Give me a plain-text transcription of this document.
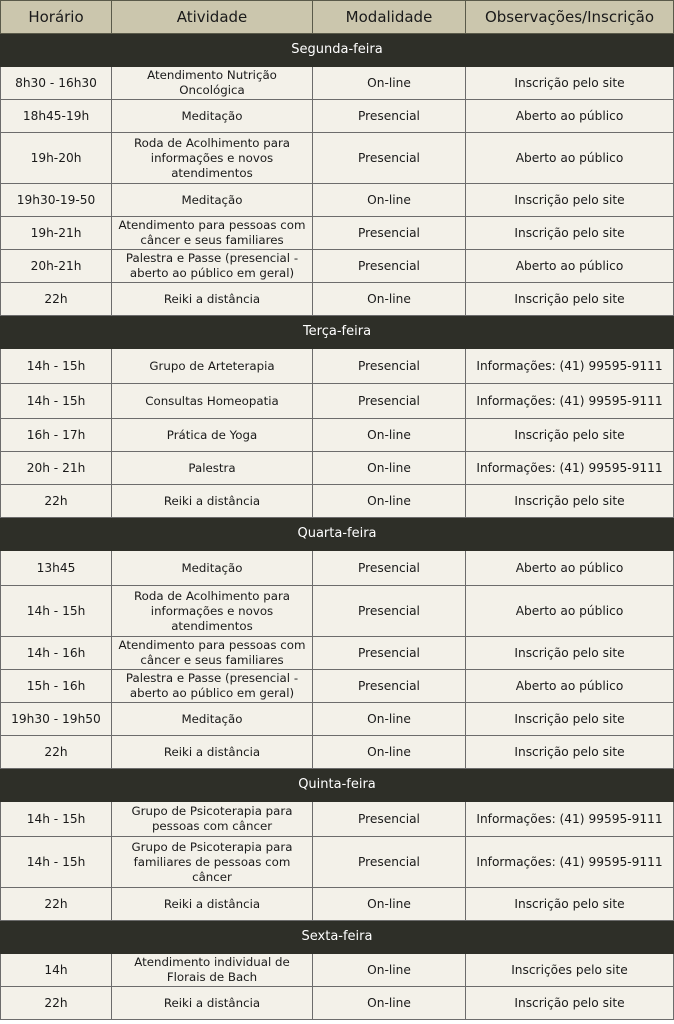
Horário	Atividade	Modalidade	Observações/Inscrição
Segunda-feira			
8h30 - 16h30	Atendimento Nutrição Oncológica	On-line	Inscrição pelo site
18h45-19h	Meditação	Presencial	Aberto ao público
19h-20h	Roda de Acolhimento para informações e novos atendimentos	Presencial	Aberto ao público
19h30-19-50	Meditação	On-line	Inscrição pelo site
19h-21h	Atendimento para pessoas com câncer e seus familiares	Presencial	Inscrição pelo site
20h-21h	Palestra e Passe (presencial - aberto ao público em geral)	Presencial	Aberto ao público
22h	Reiki a distância	On-line	Inscrição pelo site
Terça-feira			
14h - 15h	Grupo de Arteterapia	Presencial	Informações: (41) 99595-9111
14h - 15h	Consultas Homeopatia	Presencial	Informações: (41) 99595-9111
16h - 17h	Prática de Yoga	On-line	Inscrição pelo site
20h - 21h	Palestra	On-line	Informações: (41) 99595-9111
22h	Reiki a distância	On-line	Inscrição pelo site
Quarta-feira			
13h45	Meditação	Presencial	Aberto ao público
14h - 15h	Roda de Acolhimento para informações e novos atendimentos	Presencial	Aberto ao público
14h - 16h	Atendimento para pessoas com câncer e seus familiares	Presencial	Inscrição pelo site
15h - 16h	Palestra e Passe (presencial - aberto ao público em geral)	Presencial	Aberto ao público
19h30 - 19h50	Meditação	On-line	Inscrição pelo site
22h	Reiki a distância	On-line	Inscrição pelo site
Quinta-feira			
14h - 15h	Grupo de Psicoterapia para pessoas com câncer	Presencial	Informações: (41) 99595-9111
14h - 15h	Grupo de Psicoterapia para familiares de pessoas com câncer	Presencial	Informações: (41) 99595-9111
22h	Reiki a distância	On-line	Inscrição pelo site
Sexta-feira			
14h	Atendimento individual de Florais de Bach	On-line	Inscrições pelo site
22h	Reiki a distância	On-line	Inscrição pelo site
